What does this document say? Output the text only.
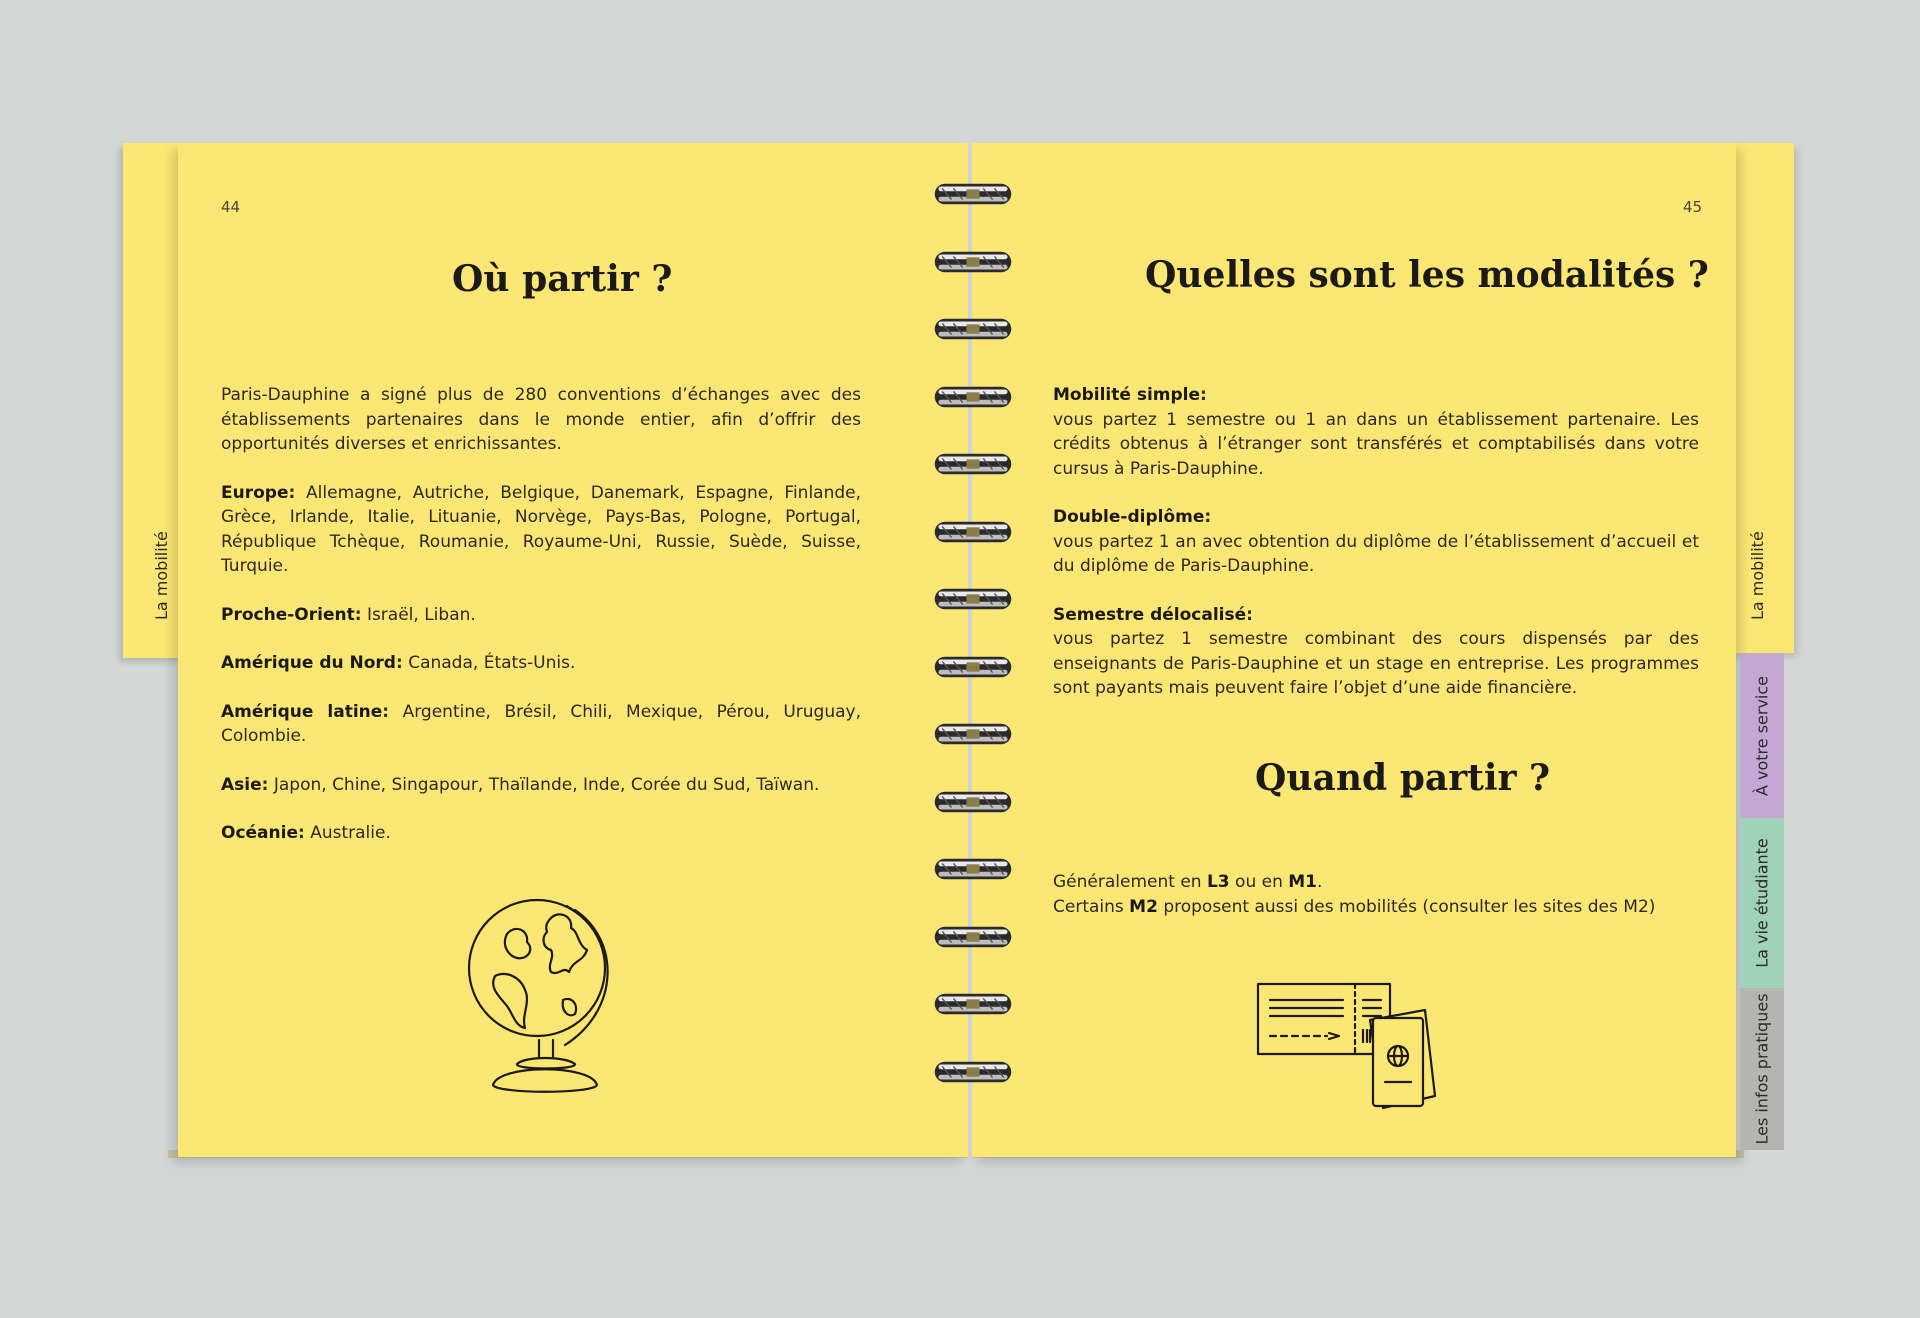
44
Où partir ?
La mobilité

Paris-Dauphine a signé plus de 280 conventions d’échanges avec des établissements partenaires dans le monde entier, afin d’offrir des opportunités diverses et enrichissantes.

Europe: Allemagne, Autriche, Belgique, Danemark, Espagne, Finlande, Grèce, Irlande, Italie, Lituanie, Norvège, Pays-Bas, Pologne, Portugal, République Tchèque, Roumanie, Royaume-Uni, Russie, Suède, Suisse, Turquie.

Proche-Orient: Israël, Liban.

Amérique du Nord: Canada, États-Unis.

Amérique latine: Argentine, Brésil, Chili, Mexique, Pérou, Uruguay, Colombie.

Asie: Japon, Chine, Singapour, Thaïlande, Inde, Corée du Sud, Taïwan.

Océanie: Australie.

45
Quelles sont les modalités ?
La mobilité

Mobilité simple:
vous partez 1 semestre ou 1 an dans un établissement partenaire. Les crédits obtenus à l’étranger sont transférés et comptabilisés dans votre cursus à Paris-Dauphine.

Double-diplôme:
vous partez 1 an avec obtention du diplôme de l’établissement d’accueil et du diplôme de Paris-Dauphine.

Semestre délocalisé:
vous partez 1 semestre combinant des cours dispensés par des enseignants de Paris-Dauphine et un stage en entreprise. Les programmes sont payants mais peuvent faire l’objet d’une aide financière.

Quand partir ?
Généralement en L3 ou en M1.
Certains M2 proposent aussi des mobilités (consulter les sites des M2)
À votre service
La vie étudiante
Les infos pratiques
